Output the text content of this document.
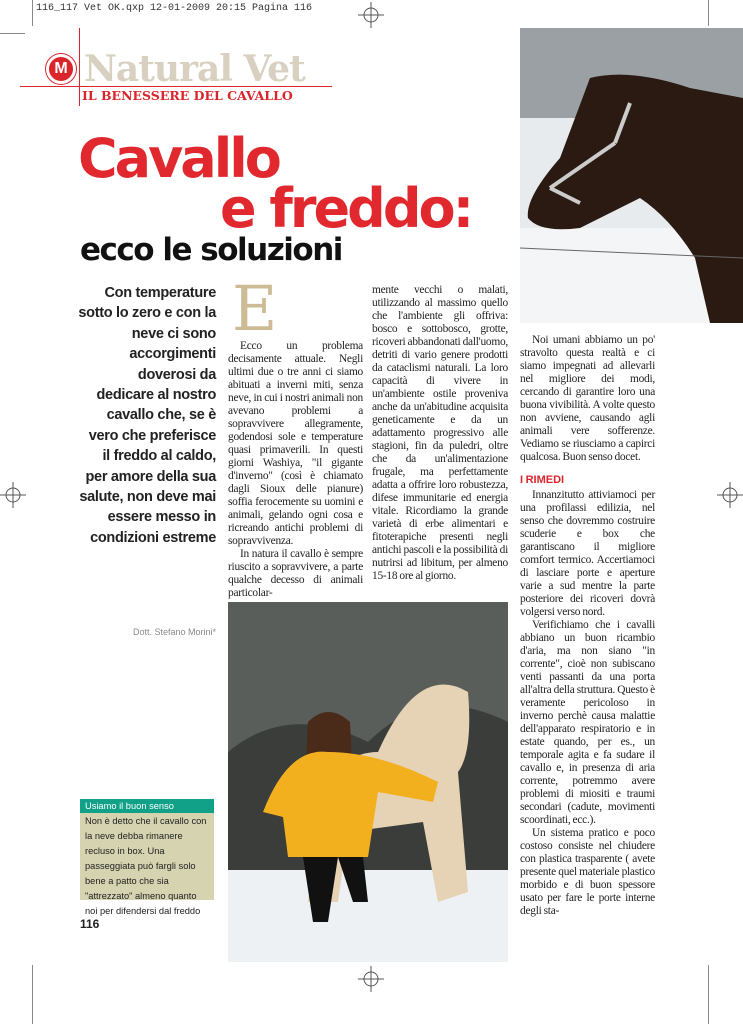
116_117 Vet OK.qxp 12-01-2009 20:15 Pagina 116
M Natural Vet
IL BENESSERE DEL CAVALLO
Cavallo
e freddo:
ecco le soluzioni
Con temperature sotto lo zero e con la neve ci sono accorgimenti doverosi da dedicare al nostro cavallo che, se è vero che preferisce il freddo al caldo, per amore della sua salute, non deve mai essere messo in condizioni estreme
Dott. Stefano Morini*
E

Ecco un problema decisamente attuale. Negli ultimi due o tre anni ci siamo abituati a inverni miti, senza neve, in cui i nostri animali non avevano problemi a sopravvivere allegramente, godendosi sole e temperature quasi primaverili. In questi giorni Washiya, "il gigante d'inverno" (così è chiamato dagli Sioux delle pianure) soffia ferocemente su uomini e animali, gelando ogni cosa e ricreando antichi problemi di sopravvivenza.

In natura il cavallo è sempre riuscito a sopravvivere, a parte qualche decesso di animali particolar-

mente vecchi o malati, utilizzando al massimo quello che l'ambiente gli offriva: bosco e sottobosco, grotte, ricoveri abbandonati dall'uomo, detriti di vario genere prodotti da cataclismi naturali. La loro capacità di vivere in un'ambiente ostile proveniva anche da un'abitudine acquisita geneticamente e da un adattamento progressivo alle stagioni, fin da puledri, oltre che da un'alimentazione frugale, ma perfettamente adatta a offrire loro robustezza, difese immunitarie ed energia vitale. Ricordiamo la grande varietà di erbe alimentari e fitoterapiche presenti negli antichi pascoli e la possibilità di nutrirsi ad libitum, per almeno 15-18 ore al giorno.

Noi umani abbiamo un po' stravolto questa realtà e ci siamo impegnati ad allevarli nel migliore dei modi, cercando di garantire loro una buona vivibilità. A volte questo non avviene, causando agli animali vere sofferenze. Vediamo se riusciamo a capirci qualcosa. Buon senso docet.

I RIMEDI

Innanzitutto attiviamoci per una profilassi edilizia, nel senso che dovremmo costruire scuderie e box che garantiscano il migliore comfort termico. Accertiamoci di lasciare porte e aperture varie a sud mentre la parte posteriore dei ricoveri dovrà volgersi verso nord.

Verifichiamo che i cavalli abbiano un buon ricambio d'aria, ma non siano "in corrente", cioè non subiscano venti passanti da una porta all'altra della struttura. Questo è veramente pericoloso in inverno perchè causa malattie dell'apparato respiratorio e in estate quando, per es., un temporale agita e fa sudare il cavallo e, in presenza di aria corrente, potremmo avere problemi di miositi e traumi secondari (cadute, movimenti scoordinati, ecc.).

Un sistema pratico e poco costoso consiste nel chiudere con plastica trasparente ( avete presente quel materiale plastico morbido e di buon spessore usato per fare le porte interne degli sta-

Usiamo il buon senso
Non è detto che il cavallo con la neve debba rimanere recluso in box. Una passeggiata può fargli solo bene a patto che sia "attrezzato" almeno quanto noi per difendersi dal freddo
116
